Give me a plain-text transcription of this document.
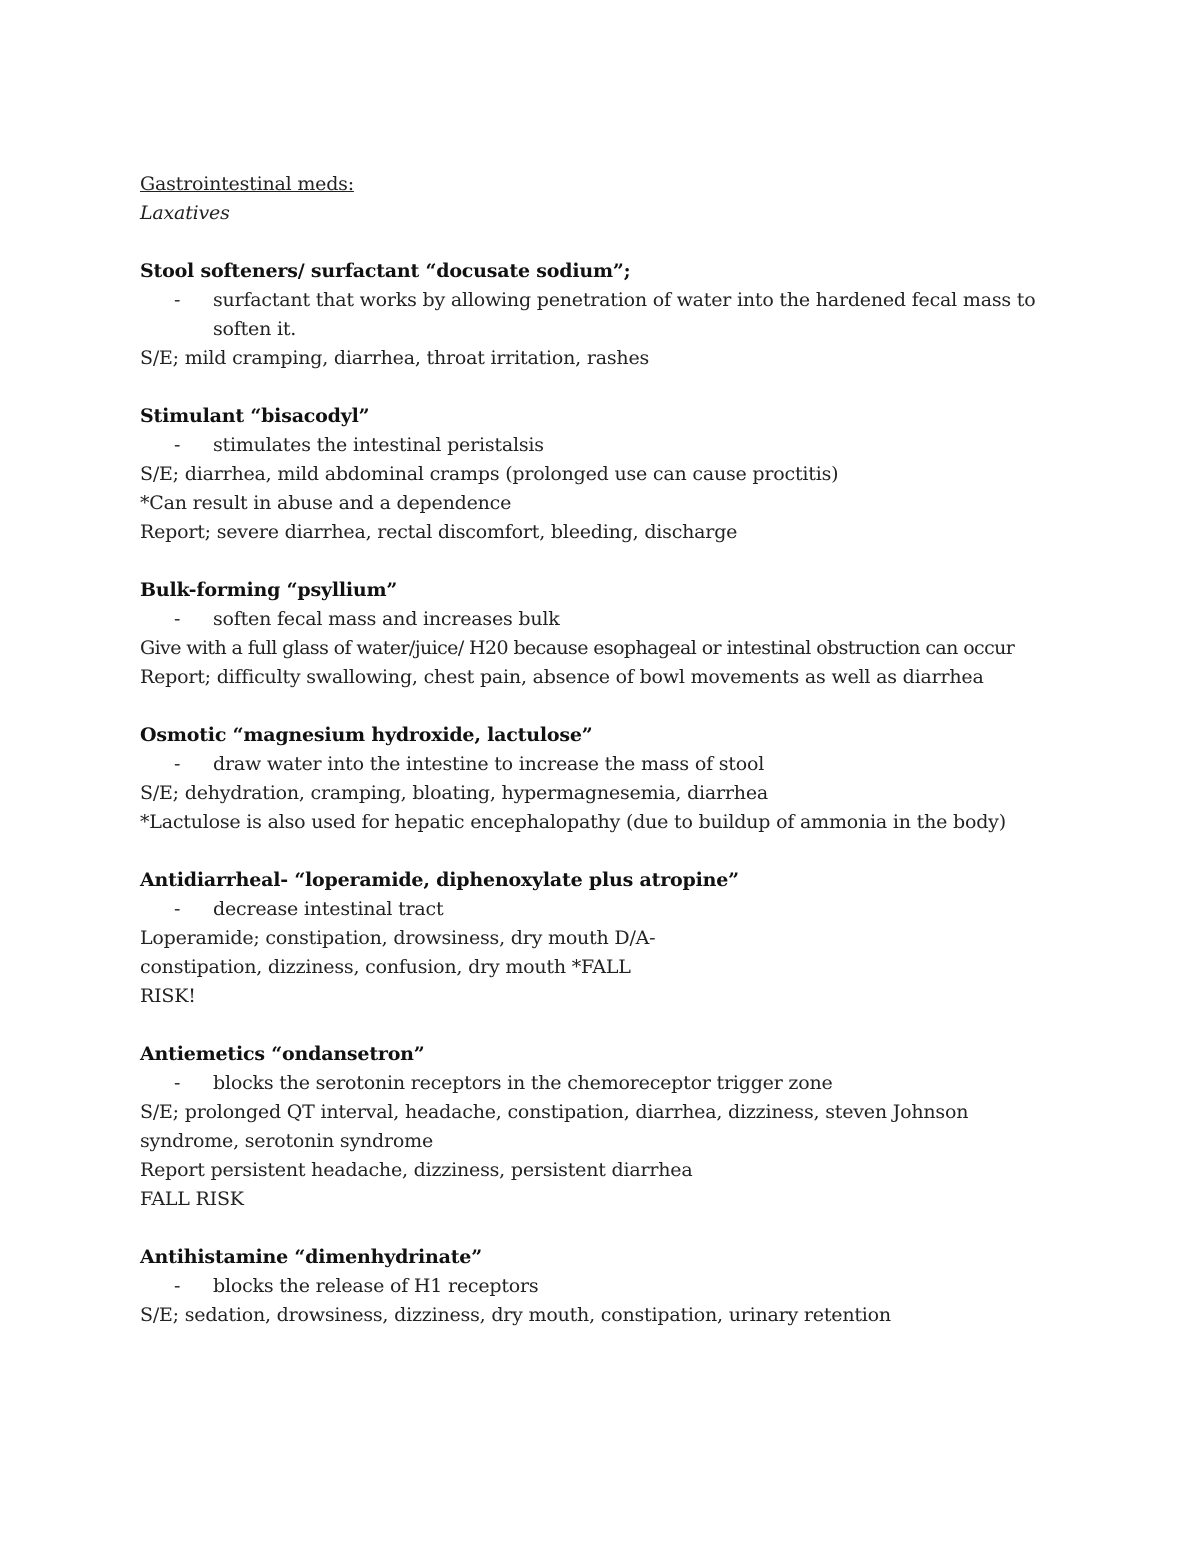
Gastrointestinal meds:
Laxatives
Stool softeners/ surfactant “docusate sodium”;
- surfactant that works by allowing penetration of water into the hardened fecal mass to soften it.
S/E; mild cramping, diarrhea, throat irritation, rashes
Stimulant “bisacodyl”
- stimulates the intestinal peristalsis
S/E; diarrhea, mild abdominal cramps (prolonged use can cause proctitis)
*Can result in abuse and a dependence
Report; severe diarrhea, rectal discomfort, bleeding, discharge
Bulk-forming “psyllium”
- soften fecal mass and increases bulk
Give with a full glass of water/juice/ H20 because esophageal or intestinal obstruction can occur
Report; difficulty swallowing, chest pain, absence of bowl movements as well as diarrhea
Osmotic “magnesium hydroxide, lactulose”
- draw water into the intestine to increase the mass of stool
S/E; dehydration, cramping, bloating, hypermagnesemia, diarrhea
*Lactulose is also used for hepatic encephalopathy (due to buildup of ammonia in the body)
Antidiarrheal- “loperamide, diphenoxylate plus atropine”
- decrease intestinal tract
Loperamide; constipation, drowsiness, dry mouth D/A-
constipation, dizziness, confusion, dry mouth *FALL
RISK!
Antiemetics “ondansetron”
- blocks the serotonin receptors in the chemoreceptor trigger zone
S/E; prolonged QT interval, headache, constipation, diarrhea, dizziness, steven Johnson
syndrome, serotonin syndrome
Report persistent headache, dizziness, persistent diarrhea
FALL RISK
Antihistamine “dimenhydrinate”
- blocks the release of H1 receptors
S/E; sedation, drowsiness, dizziness, dry mouth, constipation, urinary retention
